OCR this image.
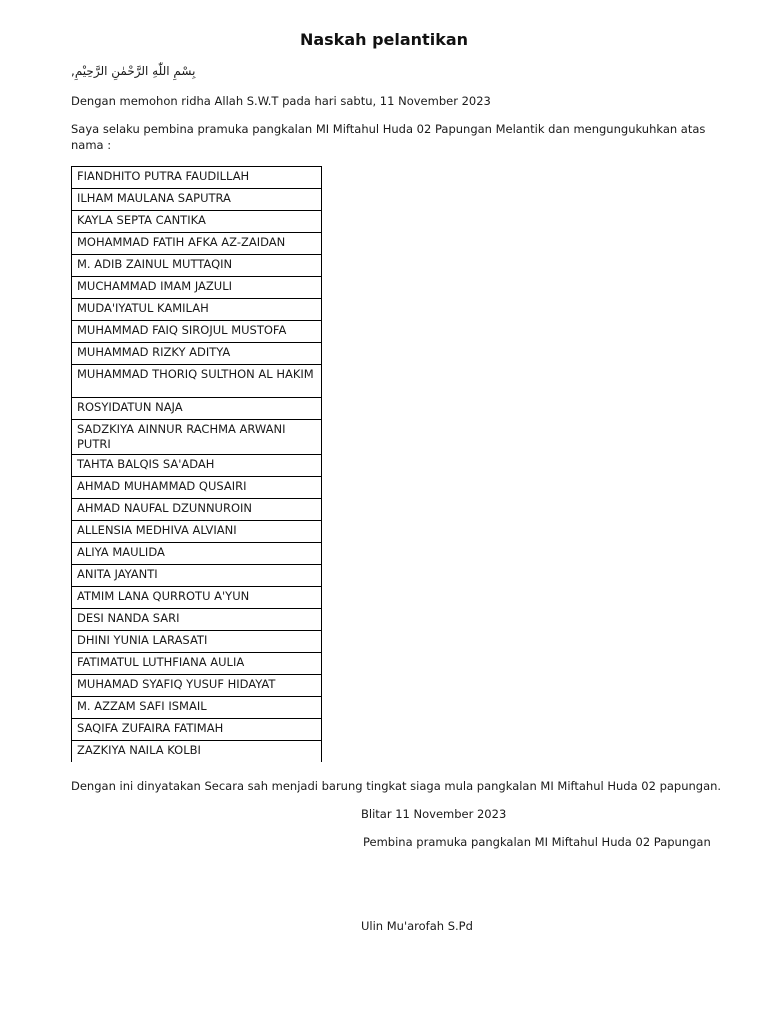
Naskah pelantikan
بِسْمِ اللّٰهِ الرَّحْمٰنِ الرَّحِيْمِ,
Dengan memohon ridha Allah S.W.T pada hari sabtu, 11 November 2023
Saya selaku pembina pramuka pangkalan MI Miftahul Huda 02 Papungan Melantik dan mengungukuhkan atas nama :
FIANDHITO PUTRA FAUDILLAH
ILHAM MAULANA SAPUTRA
KAYLA SEPTA CANTIKA
MOHAMMAD FATIH AFKA AZ-ZAIDAN
M. ADIB ZAINUL MUTTAQIN
MUCHAMMAD IMAM JAZULI
MUDA'IYATUL KAMILAH
MUHAMMAD FAIQ SIROJUL MUSTOFA
MUHAMMAD RIZKY ADITYA
MUHAMMAD THORIQ SULTHON AL HAKIM
ROSYIDATUN NAJA
SADZKIYA AINNUR RACHMA ARWANI PUTRI
TAHTA BALQIS SA'ADAH
AHMAD MUHAMMAD QUSAIRI
AHMAD NAUFAL DZUNNUROIN
ALLENSIA MEDHIVA ALVIANI
ALIYA MAULIDA
ANITA JAYANTI
ATMIM LANA QURROTU A'YUN
DESI NANDA SARI
DHINI YUNIA LARASATI
FATIMATUL LUTHFIANA AULIA
MUHAMAD SYAFIQ YUSUF HIDAYAT
M. AZZAM SAFI ISMAIL
SAQIFA ZUFAIRA FATIMAH
ZAZKIYA NAILA KOLBI
Dengan ini dinyatakan Secara sah menjadi barung tingkat siaga mula pangkalan MI Miftahul Huda 02 papungan.
Blitar 11 November 2023
Pembina pramuka pangkalan MI Miftahul Huda 02 Papungan
Ulin Mu'arofah S.Pd
